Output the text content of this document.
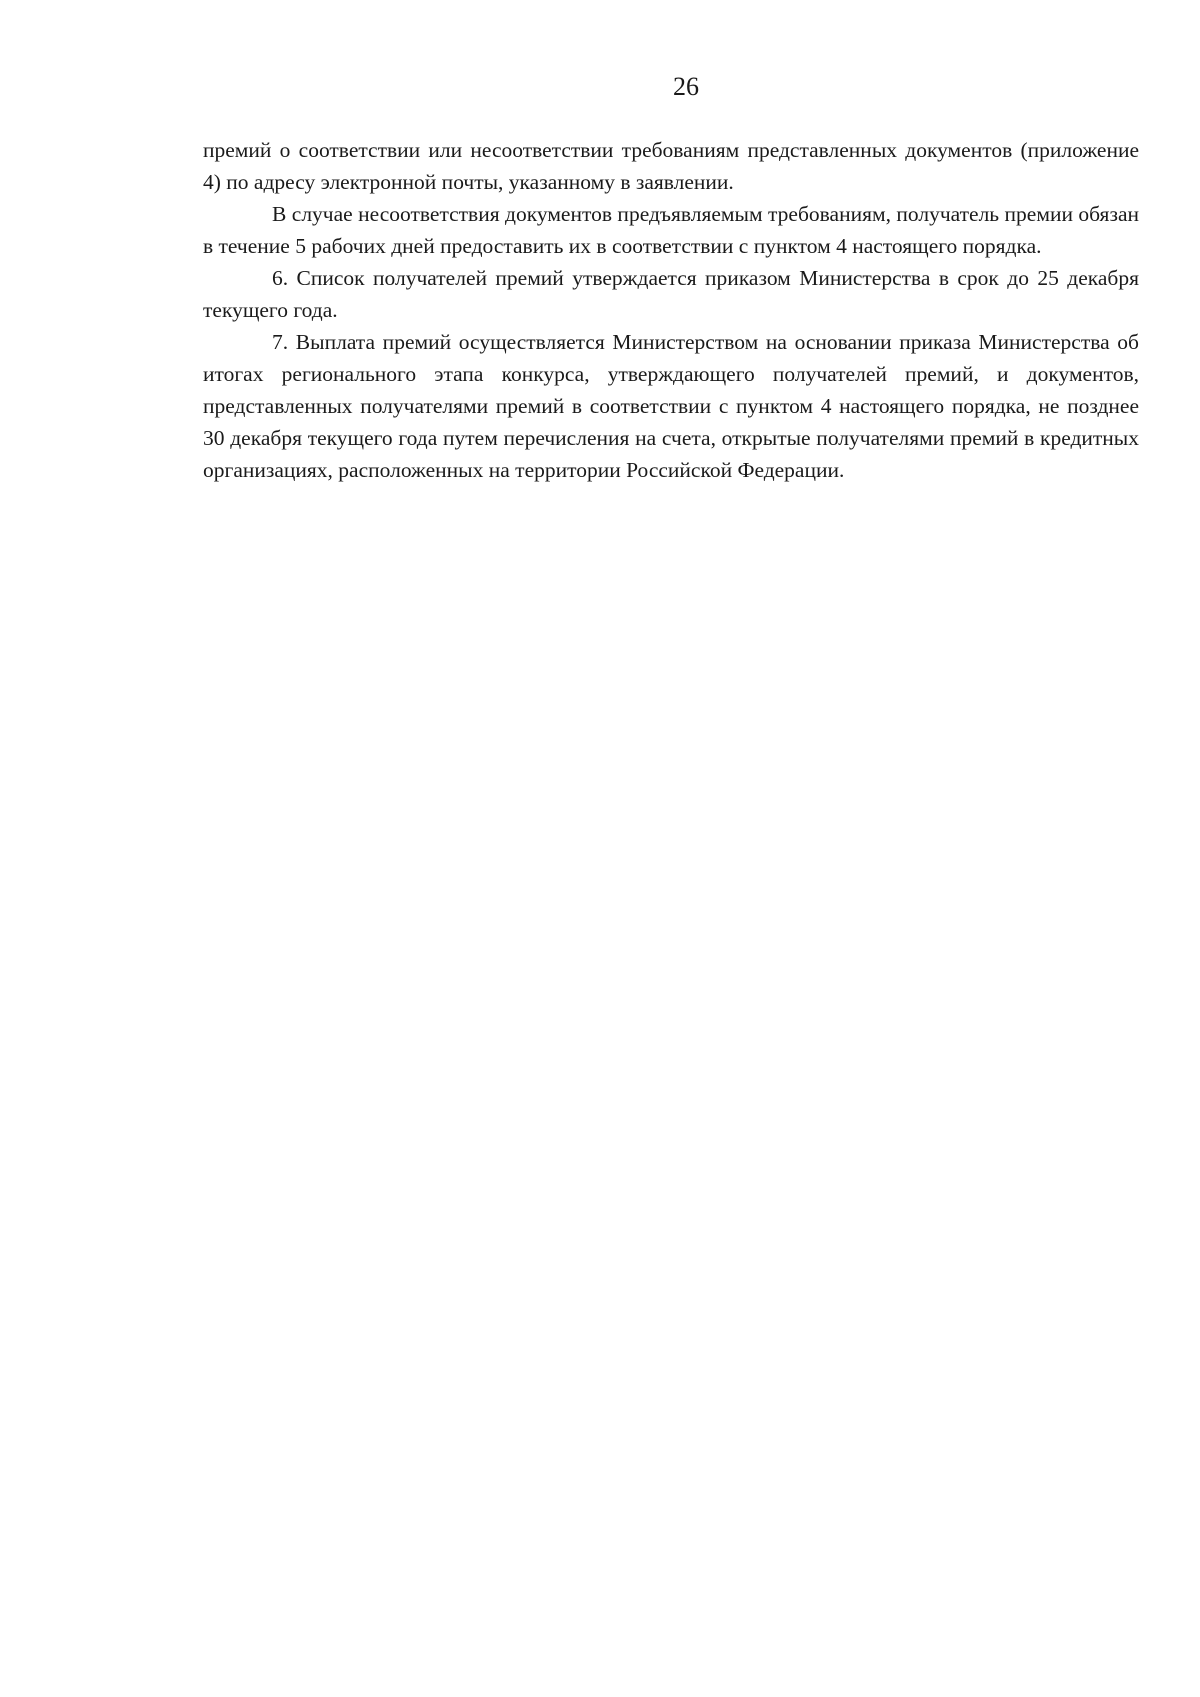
26

премий о соответствии или несоответствии требованиям представленных документов (приложение 4) по адресу электронной почты, указанному в заявлении.

В случае несоответствия документов предъявляемым требованиям, получатель премии обязан в течение 5 рабочих дней предоставить их в соответствии с пунктом 4 настоящего порядка.

6. Список получателей премий утверждается приказом Министерства в срок до 25 декабря текущего года.

7. Выплата премий осуществляется Министерством на основании приказа Министерства об итогах регионального этапа конкурса, утверждающего получателей премий, и документов, представленных получателями премий в соответствии с пунктом 4 настоящего порядка, не позднее 30 декабря текущего года путем перечисления на счета, открытые получателями премий в кредитных организациях, расположенных на территории Российской Федерации.
